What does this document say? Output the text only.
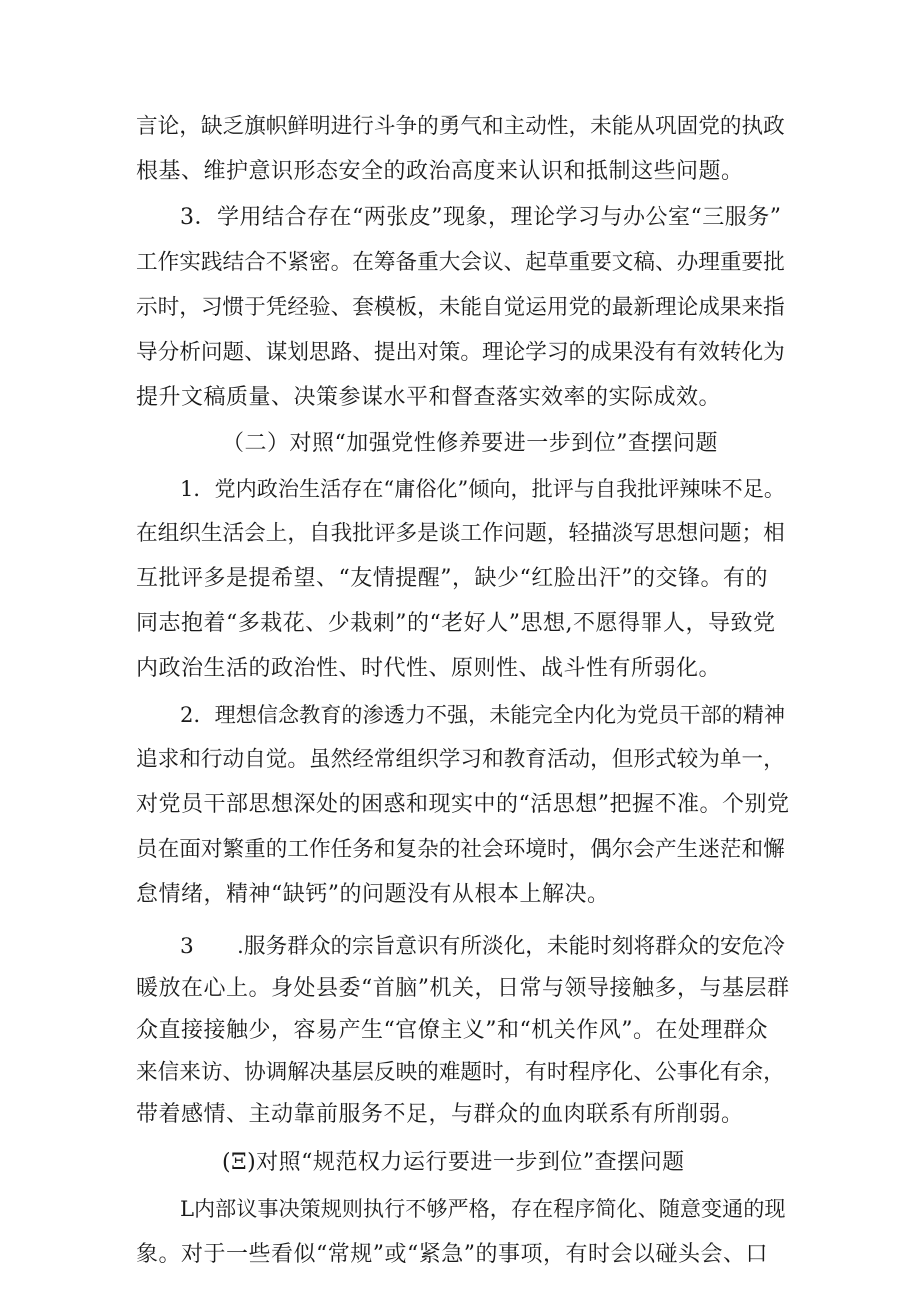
言论，缺乏旗帜鲜明进行斗争的勇气和主动性，未能从巩固党的执政
根基、维护意识形态安全的政治高度来认识和抵制这些问题。
3．学用结合存在“两张皮”现象，理论学习与办公室“三服务”
工作实践结合不紧密。在筹备重大会议、起草重要文稿、办理重要批
示时，习惯于凭经验、套模板，未能自觉运用党的最新理论成果来指
导分析问题、谋划思路、提出对策。理论学习的成果没有有效转化为
提升文稿质量、决策参谋水平和督查落实效率的实际成效。
（二）对照“加强党性修养要进一步到位”查摆问题
1．党内政治生活存在“庸俗化”倾向，批评与自我批评辣味不足。
在组织生活会上，自我批评多是谈工作问题，轻描淡写思想问题；相
互批评多是提希望、“友情提醒”，缺少“红脸出汗”的交锋。有的
同志抱着“多栽花、少栽刺”的“老好人”思想,不愿得罪人，导致党
内政治生活的政治性、时代性、原则性、战斗性有所弱化。
2．理想信念教育的渗透力不强，未能完全内化为党员干部的精神
追求和行动自觉。虽然经常组织学习和教育活动，但形式较为单一，
对党员干部思想深处的困惑和现实中的“活思想”把握不准。个别党
员在面对繁重的工作任务和复杂的社会环境时，偶尔会产生迷茫和懈
怠情绪，精神“缺钙”的问题没有从根本上解决。
3　　.服务群众的宗旨意识有所淡化，未能时刻将群众的安危冷
暖放在心上。身处县委“首脑”机关，日常与领导接触多，与基层群
众直接接触少，容易产生“官僚主义”和“机关作风”。在处理群众
来信来访、协调解决基层反映的难题时，有时程序化、公事化有余，
带着感情、主动靠前服务不足，与群众的血肉联系有所削弱。
(Ξ)对照“规范权力运行要进一步到位”查摆问题
L内部议事决策规则执行不够严格，存在程序简化、随意变通的现
象。对于一些看似“常规”或“紧急”的事项，有时会以碰头会、口
